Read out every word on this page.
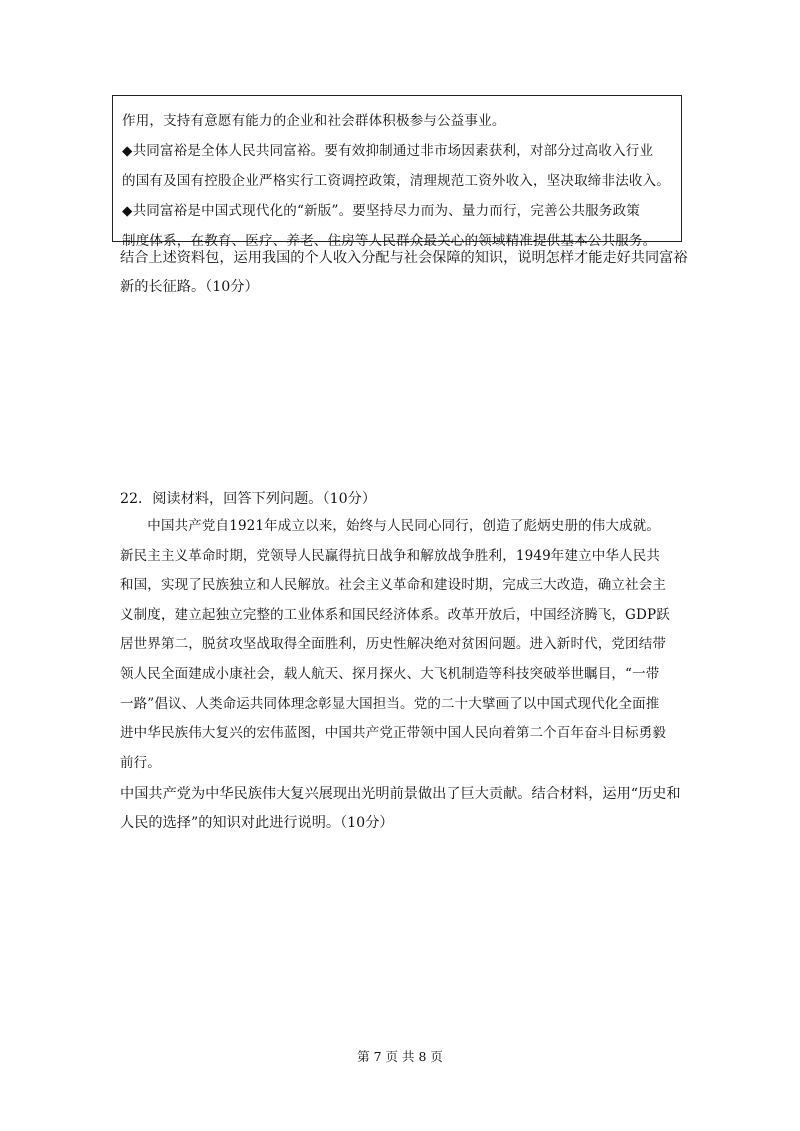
作用，支持有意愿有能力的企业和社会群体积极参与公益事业。
◆共同富裕是全体人民共同富裕。要有效抑制通过非市场因素获利，对部分过高收入行业
的国有及国有控股企业严格实行工资调控政策，清理规范工资外收入，坚决取缔非法收入。
◆共同富裕是中国式现代化的“新版”。要坚持尽力而为、量力而行，完善公共服务政策
制度体系，在教育、医疗、养老、住房等人民群众最关心的领域精准提供基本公共服务。
结合上述资料包，运用我国的个人收入分配与社会保障的知识，说明怎样才能走好共同富裕
新的长征路。（10分）
22．阅读材料，回答下列问题。（10分）
　　中国共产党自1921年成立以来，始终与人民同心同行，创造了彪炳史册的伟大成就。
新民主主义革命时期，党领导人民赢得抗日战争和解放战争胜利，1949年建立中华人民共
和国，实现了民族独立和人民解放。社会主义革命和建设时期，完成三大改造，确立社会主
义制度，建立起独立完整的工业体系和国民经济体系。改革开放后，中国经济腾飞，GDP跃
居世界第二，脱贫攻坚战取得全面胜利，历史性解决绝对贫困问题。进入新时代，党团结带
领人民全面建成小康社会，载人航天、探月探火、大飞机制造等科技突破举世瞩目，“一带
一路”倡议、人类命运共同体理念彰显大国担当。党的二十大擘画了以中国式现代化全面推
进中华民族伟大复兴的宏伟蓝图，中国共产党正带领中国人民向着第二个百年奋斗目标勇毅
前行。
中国共产党为中华民族伟大复兴展现出光明前景做出了巨大贡献。结合材料，运用“历史和
人民的选择”的知识对此进行说明。（10分）
第 7 页 共 8 页
